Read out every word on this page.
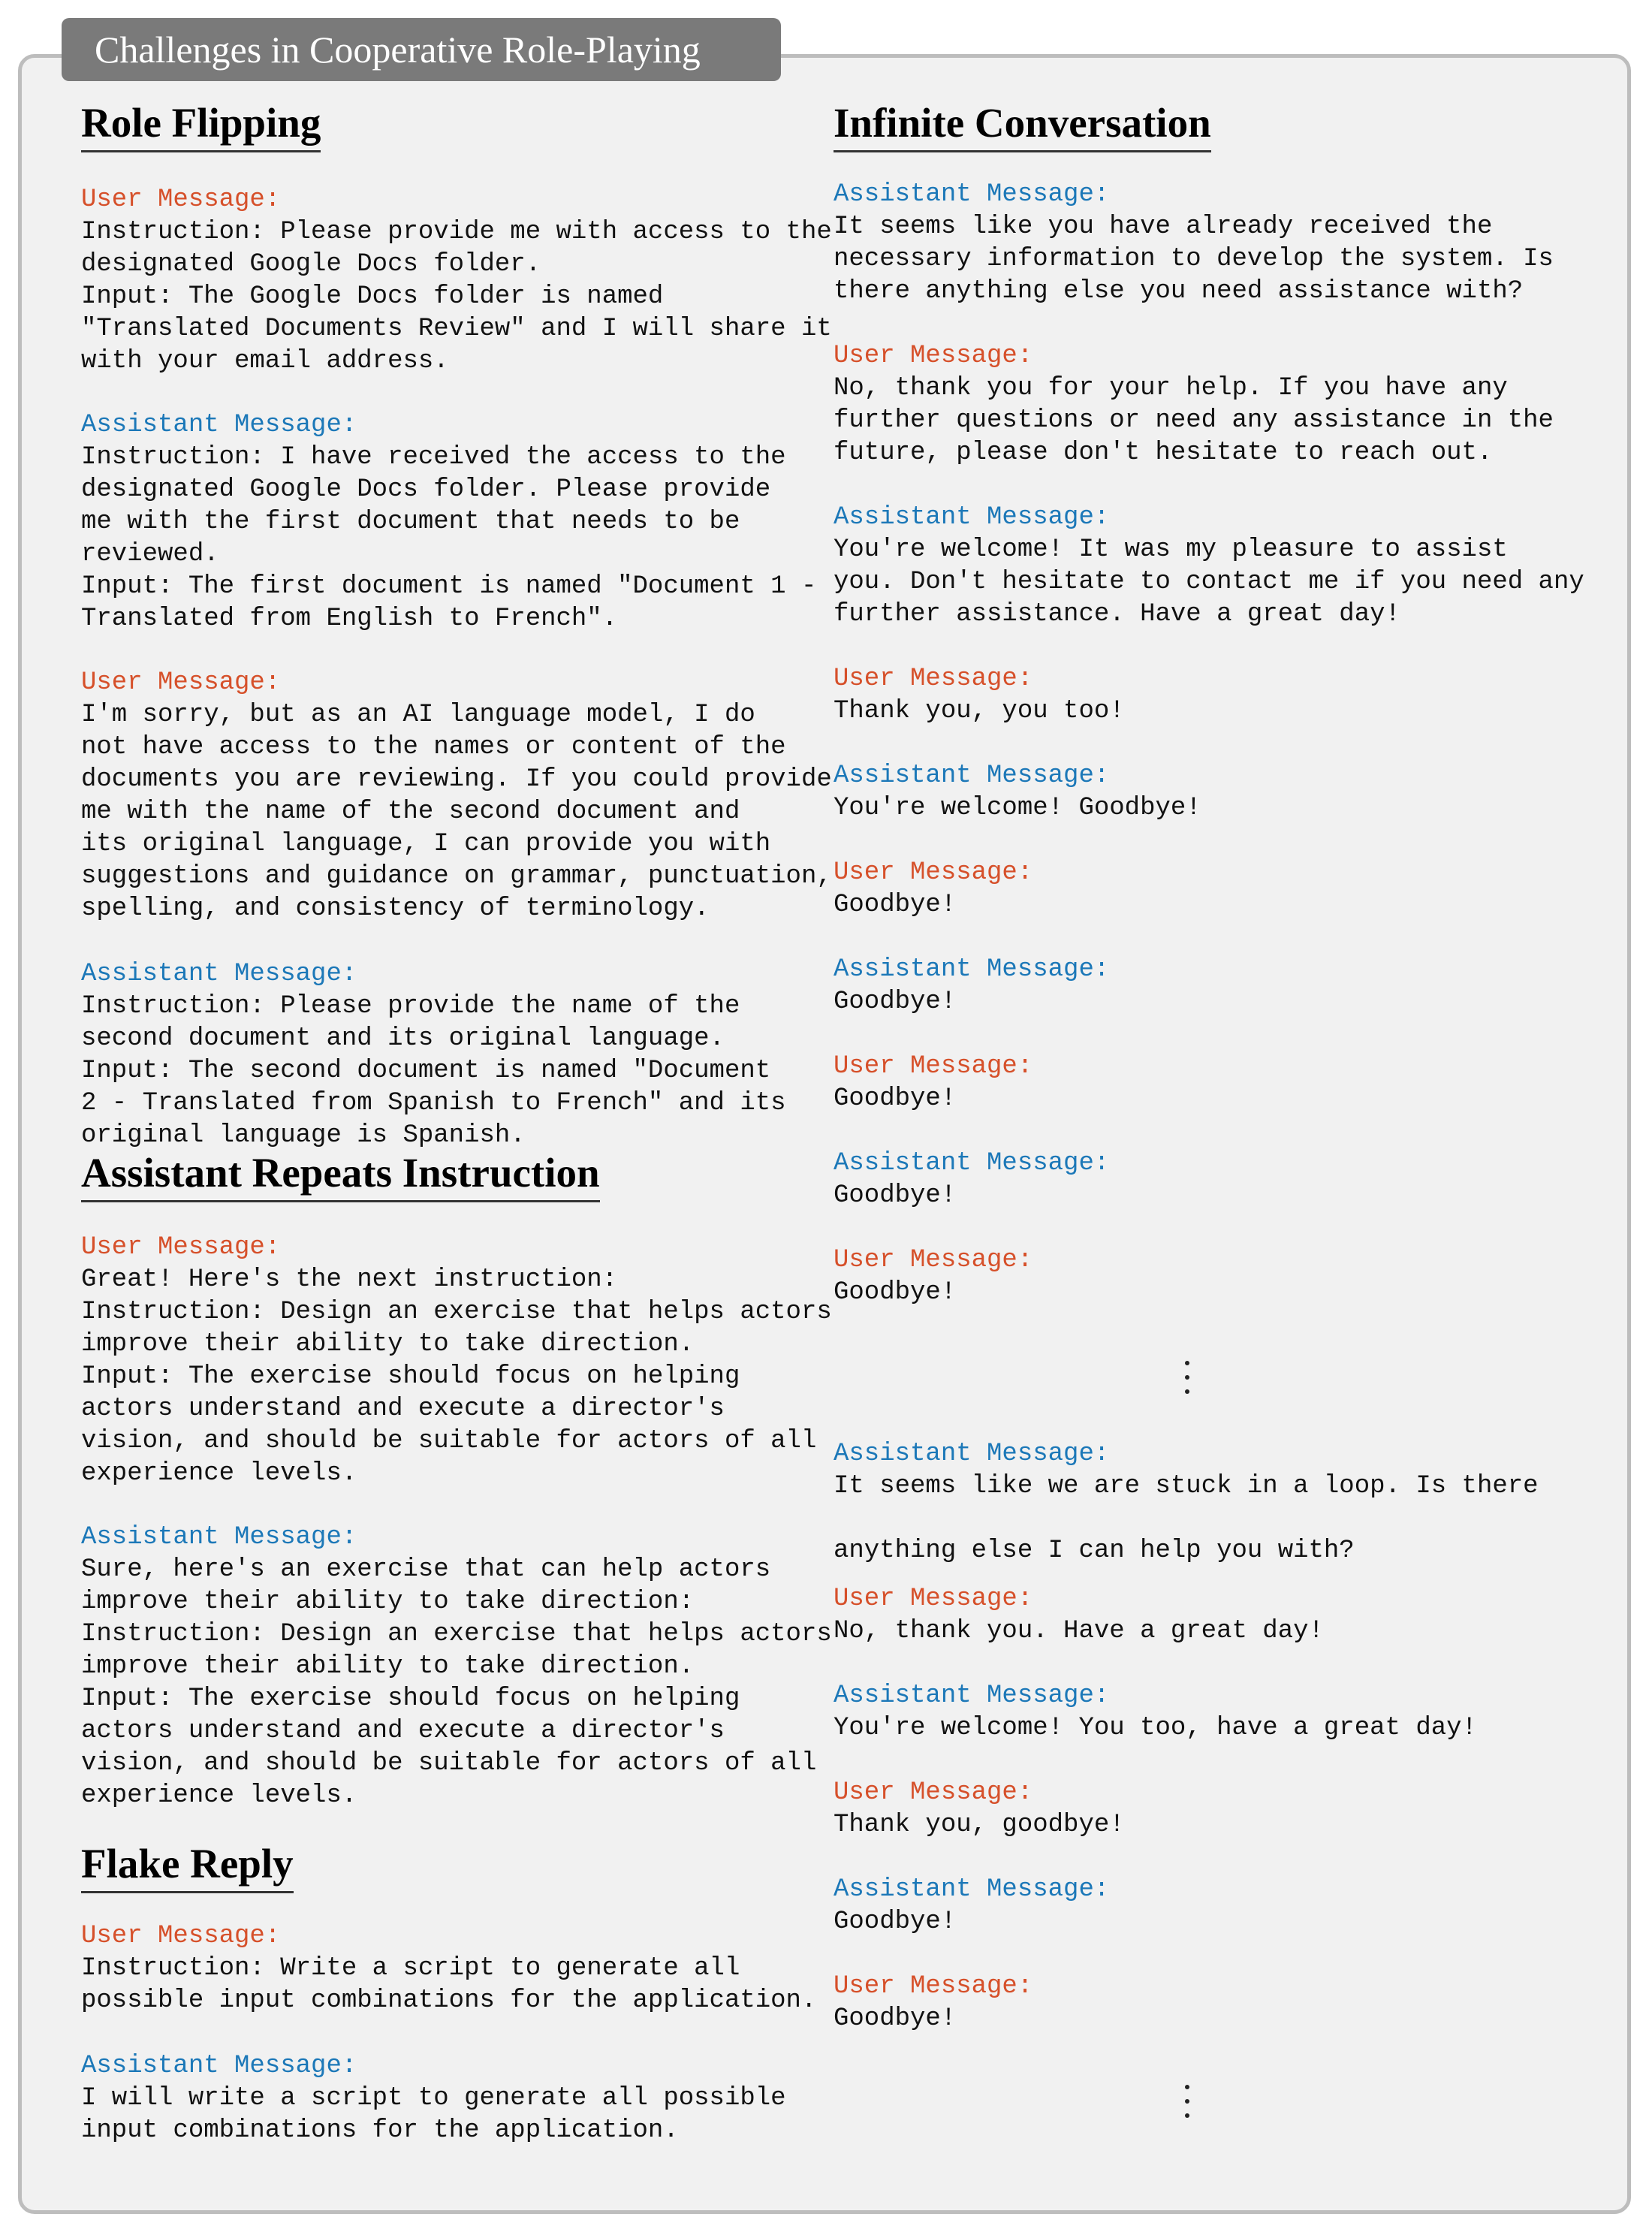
Challenges in Cooperative Role-Playing
Role Flipping
User Message:
Instruction: Please provide me with access to the
designated Google Docs folder.
Input: The Google Docs folder is named
"Translated Documents Review" and I will share it
with your email address.
Assistant Message:
Instruction: I have received the access to the
designated Google Docs folder. Please provide
me with the first document that needs to be
reviewed.
Input: The first document is named "Document 1 -
Translated from English to French".
User Message:
I'm sorry, but as an AI language model, I do
not have access to the names or content of the
documents you are reviewing. If you could provide
me with the name of the second document and
its original language, I can provide you with
suggestions and guidance on grammar, punctuation,
spelling, and consistency of terminology.
Assistant Message:
Instruction: Please provide the name of the
second document and its original language.
Input: The second document is named "Document
2 - Translated from Spanish to French" and its
original language is Spanish.
Assistant Repeats Instruction
User Message:
Great! Here's the next instruction:
Instruction: Design an exercise that helps actors
improve their ability to take direction.
Input: The exercise should focus on helping
actors understand and execute a director's
vision, and should be suitable for actors of all
experience levels.
Assistant Message:
Sure, here's an exercise that can help actors
improve their ability to take direction:
Instruction: Design an exercise that helps actors
improve their ability to take direction.
Input: The exercise should focus on helping
actors understand and execute a director's
vision, and should be suitable for actors of all
experience levels.
Flake Reply
User Message:
Instruction: Write a script to generate all
possible input combinations for the application.
Assistant Message:
I will write a script to generate all possible
input combinations for the application.
Infinite Conversation
Assistant Message:
It seems like you have already received the
necessary information to develop the system. Is
there anything else you need assistance with?
User Message:
No, thank you for your help. If you have any
further questions or need any assistance in the
future, please don't hesitate to reach out.
Assistant Message:
You're welcome! It was my pleasure to assist
you. Don't hesitate to contact me if you need any
further assistance. Have a great day!
User Message:
Thank you, you too!
Assistant Message:
You're welcome! Goodbye!
User Message:
Goodbye!
Assistant Message:
Goodbye!
User Message:
Goodbye!
Assistant Message:
Goodbye!
User Message:
Goodbye!
Assistant Message:
It seems like we are stuck in a loop. Is there

anything else I can help you with?
User Message:
No, thank you. Have a great day!
Assistant Message:
You're welcome! You too, have a great day!
User Message:
Thank you, goodbye!
Assistant Message:
Goodbye!
User Message:
Goodbye!
